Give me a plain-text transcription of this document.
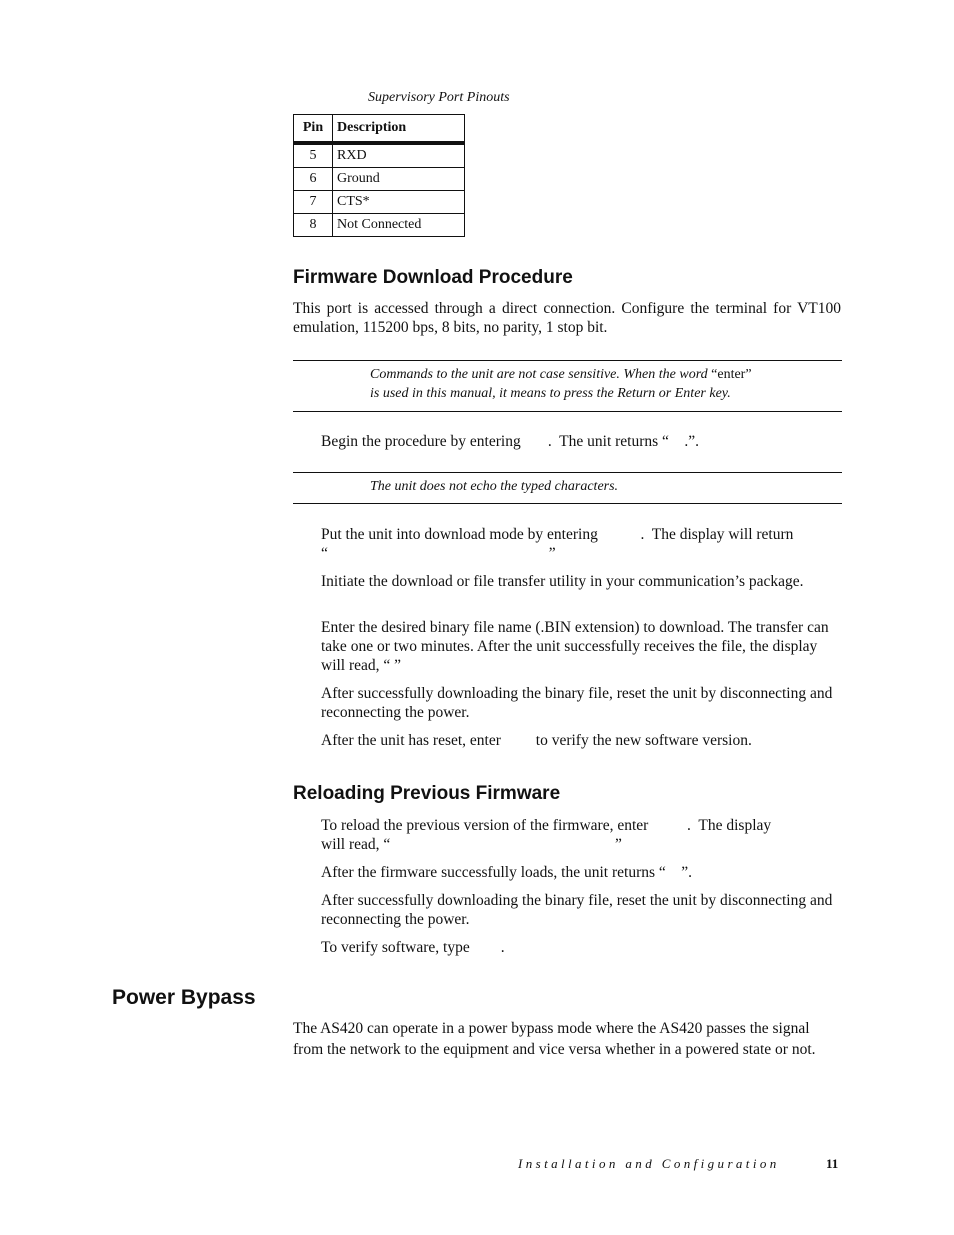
Supervisory Port Pinouts
Pin	Description
5	RXD
6	Ground
7	CTS*
8	Not Connected
Firmware Download Procedure

This port is accessed through a direct connection. Configure the terminal for VT100 emulation, 115200 bps, 8 bits, no parity, 1 stop bit.

Commands to the unit are not case sensitive. When the word “enter”
is used in this manual, it means to press the Return or Enter key.

Begin the procedure by entering       .  The unit returns “    .”.

The unit does not echo the typed characters.

Put the unit into download mode by entering           .  The display will return
“                                                         ”

Initiate the download or file transfer utility in your communication’s package.

Enter the desired binary file name (.BIN extension) to download. The transfer can take one or two minutes. After the unit successfully receives the file, the display will read, “ ”

After successfully downloading the binary file, reset the unit by disconnecting and reconnecting the power.

After the unit has reset, enter         to verify the new software version.

Reloading Previous Firmware

To reload the previous version of the firmware, enter          .  The display
will read, “                                                          ”

After the firmware successfully loads, the unit returns “    ”.

After successfully downloading the binary file, reset the unit by disconnecting and reconnecting the power.

To verify software, type        .

Power Bypass

The AS420 can operate in a power bypass mode where the AS420 passes the signal from the network to the equipment and vice versa whether in a powered state or not.

Installation and Configuration	11
